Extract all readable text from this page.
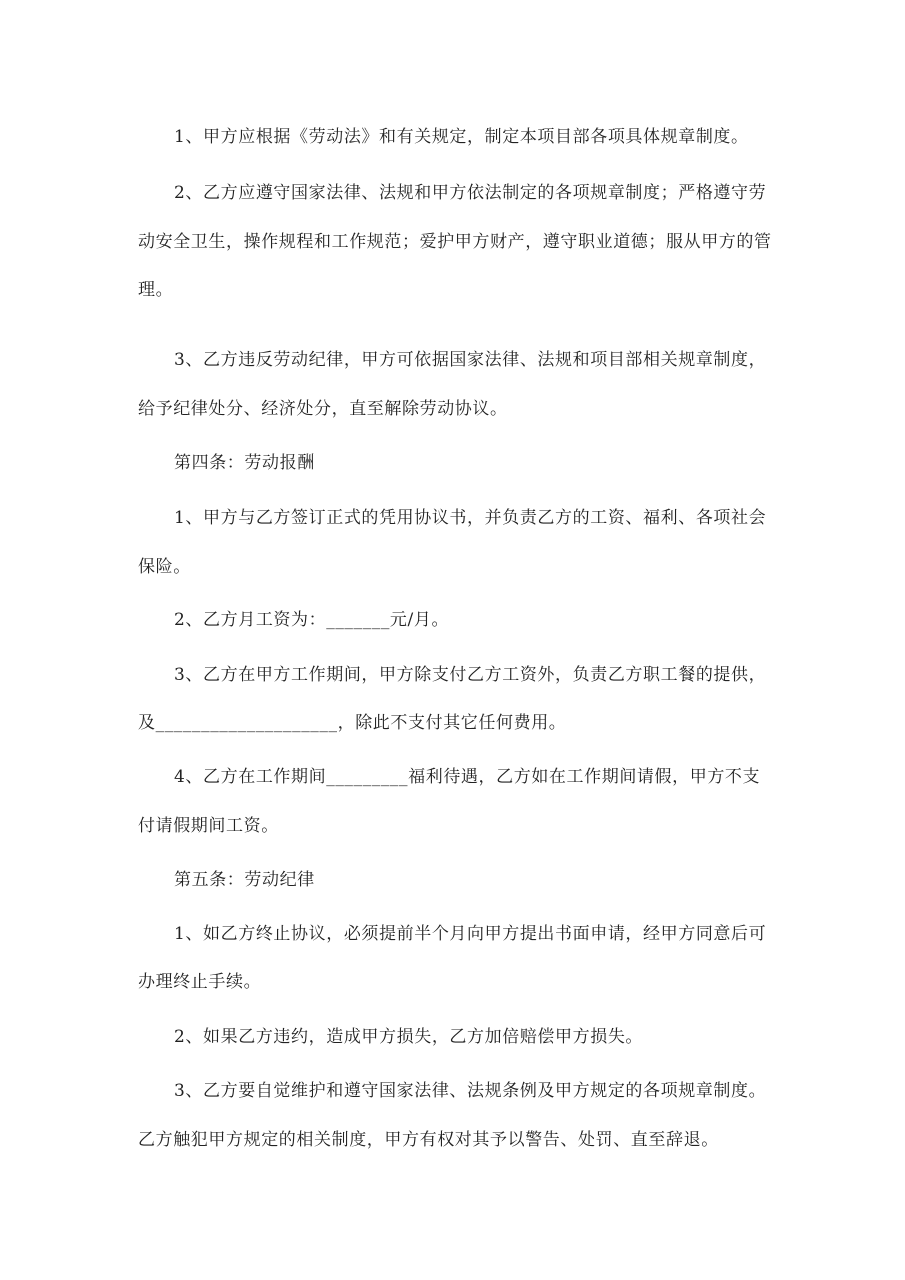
1、甲方应根据《劳动法》和有关规定，制定本项目部各项具体规章制度。
2、乙方应遵守国家法律、法规和甲方依法制定的各项规章制度；严格遵守劳
动安全卫生，操作规程和工作规范；爱护甲方财产，遵守职业道德；服从甲方的管
理。
3、乙方违反劳动纪律，甲方可依据国家法律、法规和项目部相关规章制度，
给予纪律处分、经济处分，直至解除劳动协议。
第四条：劳动报酬
1、甲方与乙方签订正式的凭用协议书，并负责乙方的工资、福利、各项社会
保险。
2、乙方月工资为：_______元/月。
3、乙方在甲方工作期间，甲方除支付乙方工资外，负责乙方职工餐的提供，
及____________________，除此不支付其它任何费用。
4、乙方在工作期间_________福利待遇，乙方如在工作期间请假，甲方不支
付请假期间工资。
第五条：劳动纪律
1、如乙方终止协议，必须提前半个月向甲方提出书面申请，经甲方同意后可
办理终止手续。
2、如果乙方违约，造成甲方损失，乙方加倍赔偿甲方损失。
3、乙方要自觉维护和遵守国家法律、法规条例及甲方规定的各项规章制度。
乙方触犯甲方规定的相关制度，甲方有权对其予以警告、处罚、直至辞退。
